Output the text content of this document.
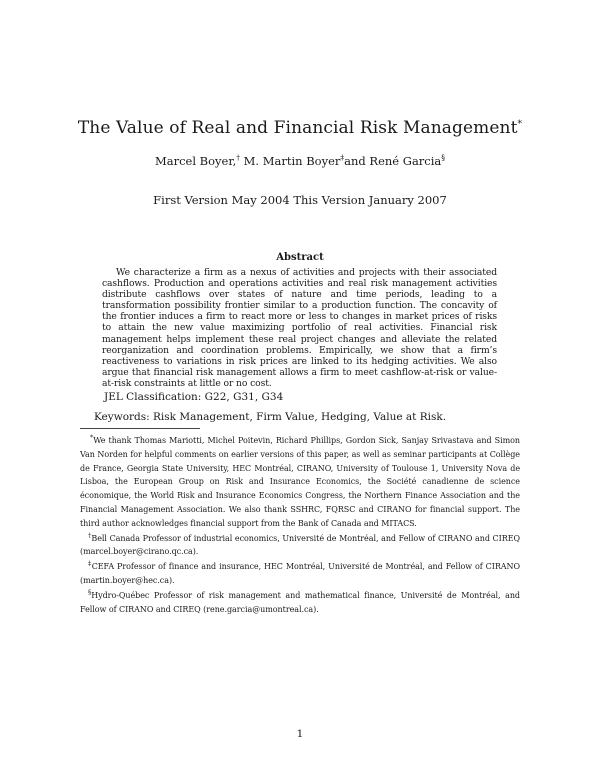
The Value of Real and Financial Risk Management*
Marcel Boyer,† M. Martin Boyer‡and René Garcia§
First Version May 2004 This Version January 2007
Abstract
We characterize a firm as a nexus of activities and projects with their associated cashflows. Production and operations activities and real risk management activities distribute cashflows over states of nature and time periods, leading to a transformation possibility frontier similar to a production function. The concavity of the frontier induces a firm to react more or less to changes in market prices of risks to attain the new value maximizing portfolio of real activities. Financial risk management helps implement these real project changes and alleviate the related reorganization and coordination problems. Empirically, we show that a firm’s reactiveness to variations in risk prices are linked to its hedging activities. We also argue that financial risk management allows a firm to meet cashflow-at-risk or value-at-risk constraints at little or no cost.
JEL Classification: G22, G31, G34
Keywords: Risk Management, Firm Value, Hedging, Value at Risk.

*We thank Thomas Mariotti, Michel Poitevin, Richard Phillips, Gordon Sick, Sanjay Srivastava and Simon Van Norden for helpful comments on earlier versions of this paper, as well as seminar participants at Collège de France, Georgia State University, HEC Montréal, CIRANO, University of Toulouse 1, University Nova de Lisboa, the European Group on Risk and Insurance Economics, the Société canadienne de science économique, the World Risk and Insurance Economics Congress, the Northern Finance Association and the Financial Management Association. We also thank SSHRC, FQRSC and CIRANO for financial support. The third author acknowledges financial support from the Bank of Canada and MITACS.

†Bell Canada Professor of industrial economics, Université de Montréal, and Fellow of CIRANO and CIREQ (marcel.boyer@cirano.qc.ca).

‡CEFA Professor of finance and insurance, HEC Montréal, Université de Montréal, and Fellow of CIRANO (martin.boyer@hec.ca).

§Hydro-Québec Professor of risk management and mathematical finance, Université de Montréal, and Fellow of CIRANO and CIREQ (rene.garcia@umontreal.ca).

1
